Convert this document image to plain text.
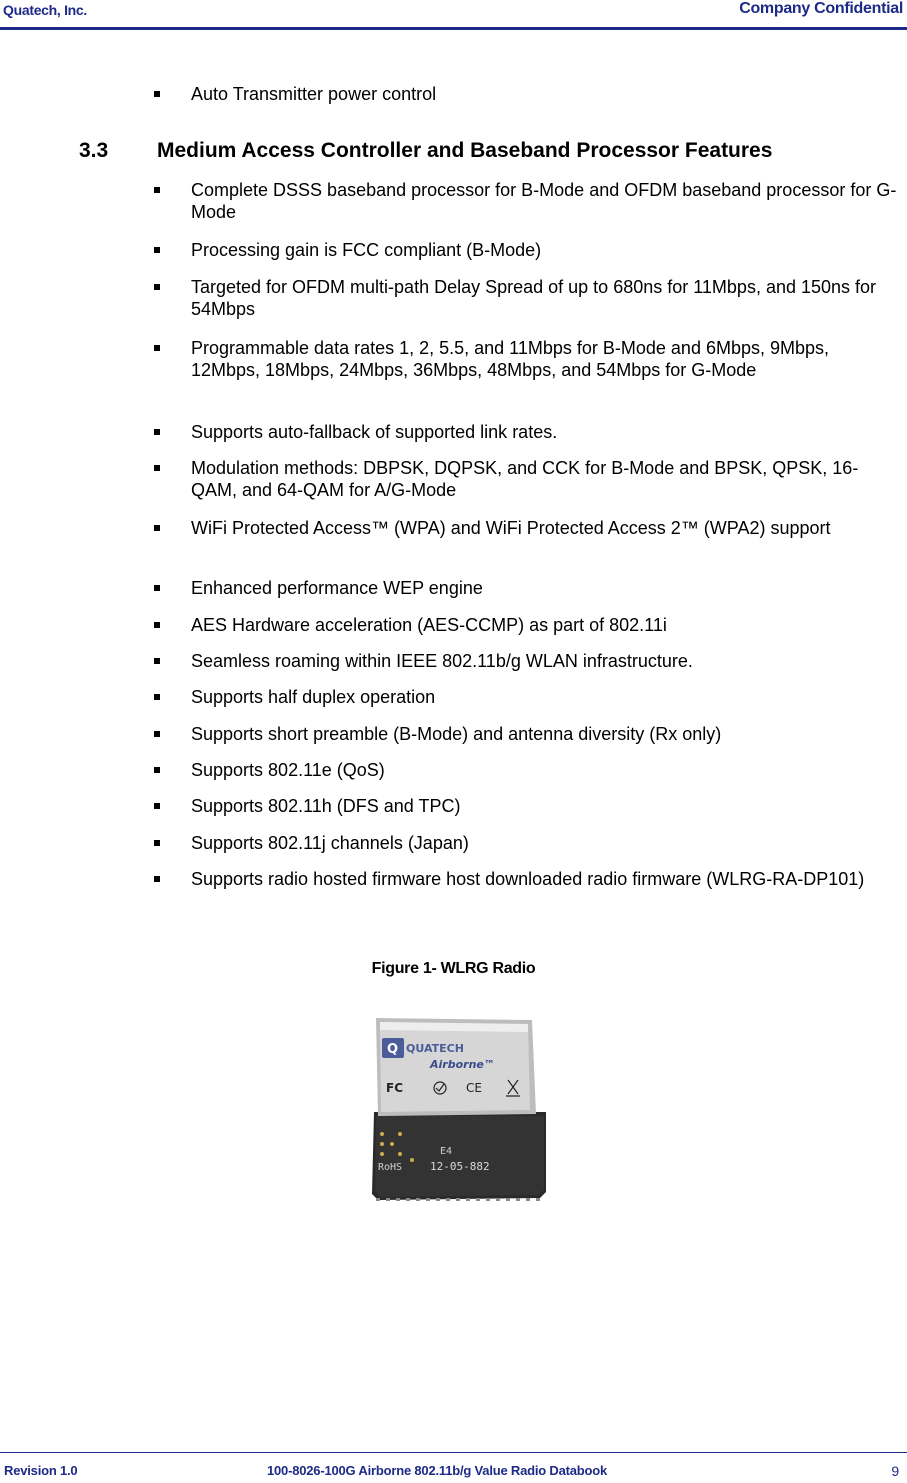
Quatech, Inc.	Company Confidential
Auto Transmitter power control
3.3 Medium Access Controller and Baseband Processor Features
Complete DSSS baseband processor for B-Mode and OFDM baseband processor for G-Mode
Processing gain is FCC compliant (B-Mode)
Targeted for OFDM multi-path Delay Spread of up to 680ns for 11Mbps, and 150ns for 54Mbps
Programmable data rates 1, 2, 5.5, and 11Mbps for B-Mode and 6Mbps, 9Mbps, 12Mbps, 18Mbps, 24Mbps, 36Mbps, 48Mbps, and 54Mbps for G-Mode
Supports auto-fallback of supported link rates.
Modulation methods: DBPSK, DQPSK, and CCK for B-Mode and BPSK, QPSK, 16-QAM, and 64-QAM for A/G-Mode
WiFi Protected Access™ (WPA) and WiFi Protected Access 2™ (WPA2) support
Enhanced performance WEP engine
AES Hardware acceleration (AES-CCMP) as part of 802.11i
Seamless roaming within IEEE 802.11b/g WLAN infrastructure.
Supports half duplex operation
Supports short preamble (B-Mode) and antenna diversity (Rx only)
Supports 802.11e (QoS)
Supports 802.11h (DFS and TPC)
Supports 802.11j channels (Japan)
Supports radio hosted firmware host downloaded radio firmware (WLRG-RA-DP101)
Figure 1- WLRG Radio
RoHS
E4
12-05-882
Q QUATECH
Airborne™
FC	CE
Revision 1.0	100-8026-100G Airborne 802.11b/g Value Radio Databook	9
